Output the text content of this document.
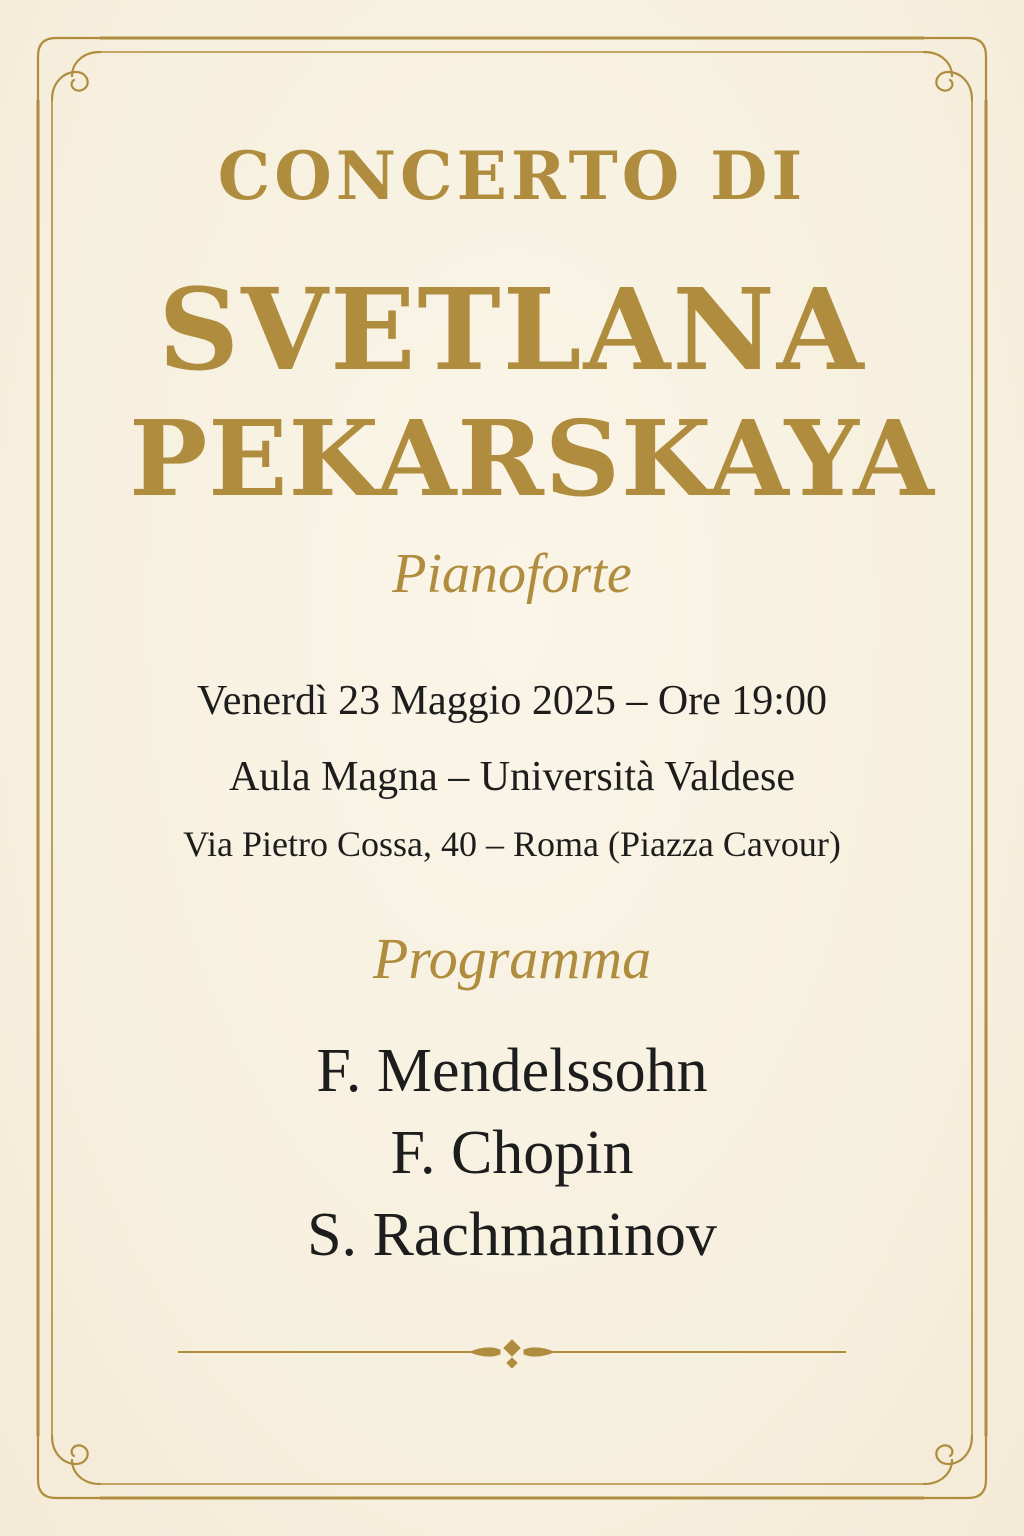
CONCERTO DI

SVETLANA

PEKARSKAYA

Pianoforte

Venerdì 23 Maggio 2025 – Ore 19:00

Aula Magna – Università Valdese

Via Pietro Cossa, 40 – Roma (Piazza Cavour)

Programma

F. Mendelssohn
F. Chopin
S. Rachmaninov
